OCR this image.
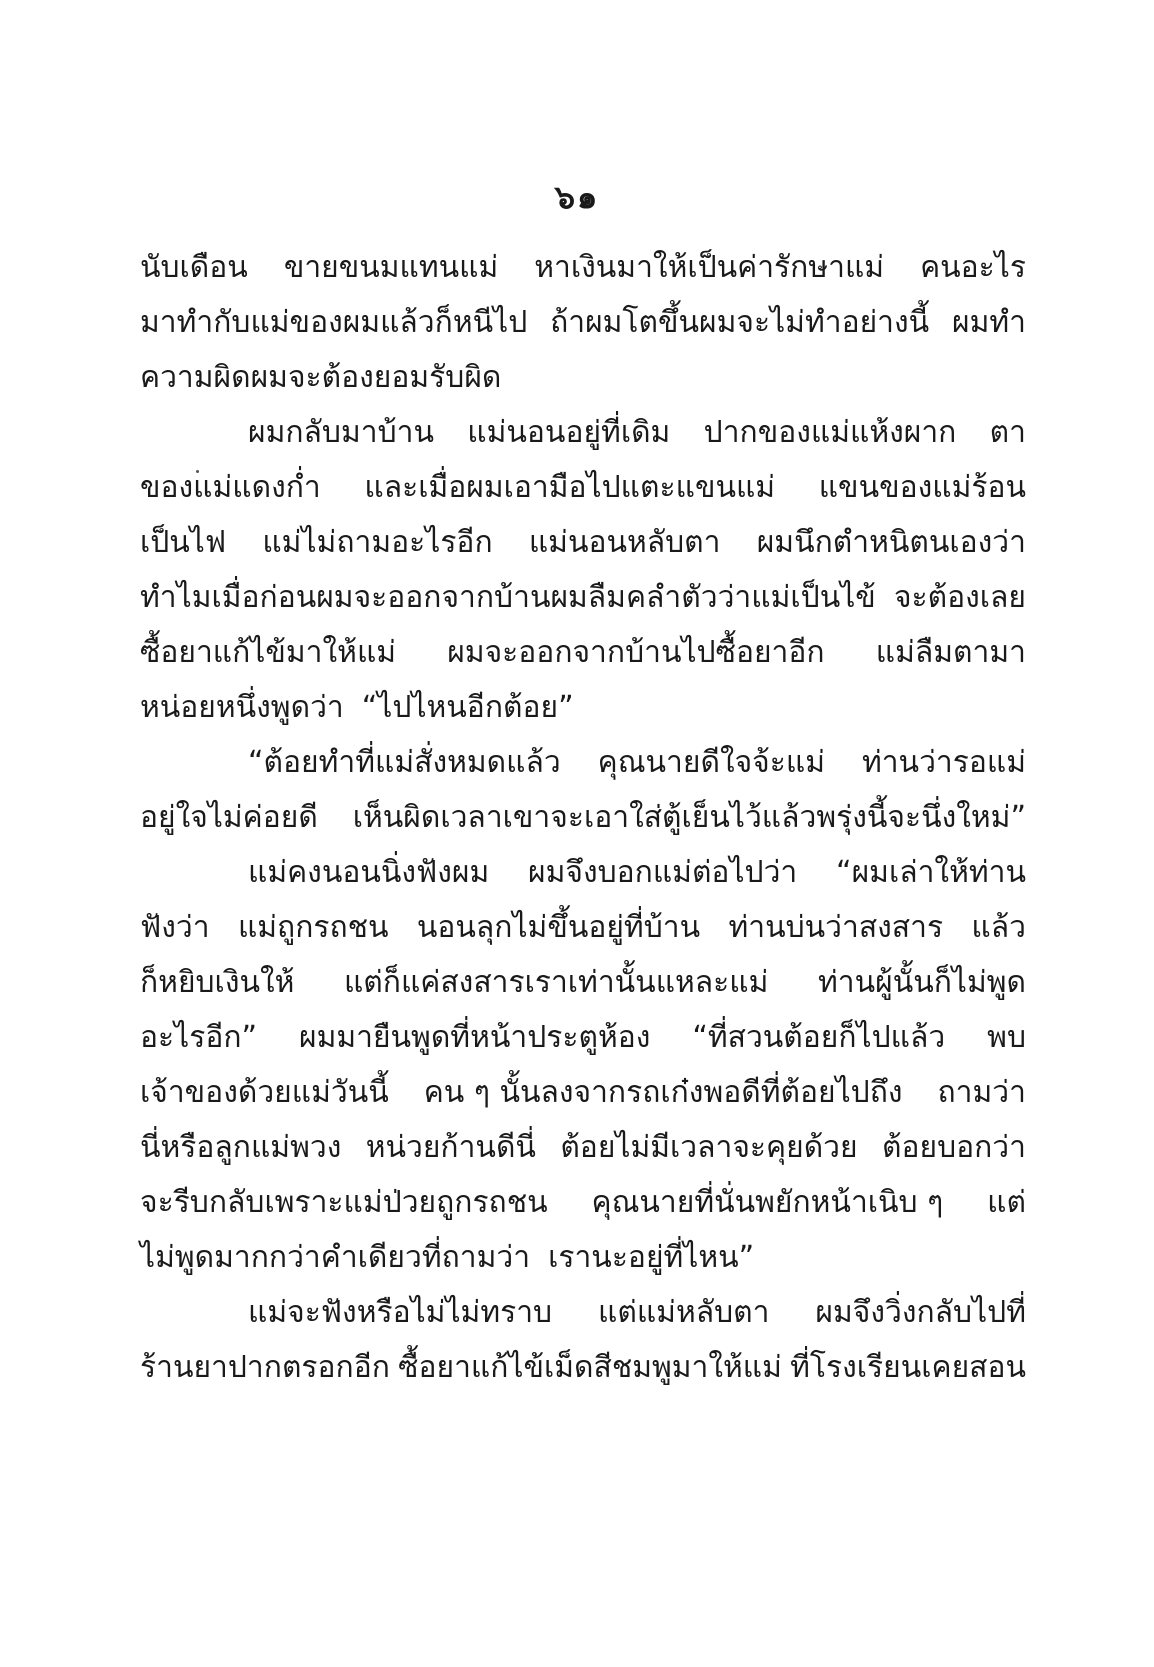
๖๑
นับเดือน ขายขนมแทนแม่ หาเงินมาให้เป็นค่ารักษาแม่ คนอะไร
มาทำกับแม่ของผมแล้วก็หนีไป ถ้าผมโตขึ้นผมจะไม่ทำอย่างนี้ ผมทำ
ความผิดผมจะต้องยอมรับผิด
ผมกลับมาบ้าน แม่นอนอยู่ที่เดิม ปากของแม่แห้งผาก ตา
ของแม่แดงก่ำ และเมื่อผมเอามือไปแตะแขนแม่ แขนของแม่ร้อน
เป็นไฟ แม่ไม่ถามอะไรอีก แม่นอนหลับตา ผมนึกตำหนิตนเองว่า
ทำไมเมื่อก่อนผมจะออกจากบ้านผมลืมคลำตัวว่าแม่เป็นไข้ จะต้องเลย
ซื้อยาแก้ไข้มาให้แม่ ผมจะออกจากบ้านไปซื้อยาอีก แม่ลืมตามา
หน่อยหนึ่งพูดว่า “ไปไหนอีกต้อย”
“ต้อยทำที่แม่สั่งหมดแล้ว คุณนายดีใจจ้ะแม่ ท่านว่ารอแม่
อยู่ใจไม่ค่อยดี เห็นผิดเวลาเขาจะเอาใส่ตู้เย็นไว้แล้วพรุ่งนี้จะนึ่งใหม่”
แม่คงนอนนิ่งฟังผม ผมจึงบอกแม่ต่อไปว่า “ผมเล่าให้ท่าน
ฟังว่า แม่ถูกรถชน นอนลุกไม่ขึ้นอยู่ที่บ้าน ท่านบ่นว่าสงสาร แล้ว
ก็หยิบเงินให้ แต่ก็แค่สงสารเราเท่านั้นแหละแม่ ท่านผู้นั้นก็ไม่พูด
อะไรอีก” ผมมายืนพูดที่หน้าประตูห้อง “ที่สวนต้อยก็ไปแล้ว พบ
เจ้าของด้วยแม่วันนี้ คน ๆ นั้นลงจากรถเก๋งพอดีที่ต้อยไปถึง ถามว่า
นี่หรือลูกแม่พวง หน่วยก้านดีนี่ ต้อยไม่มีเวลาจะคุยด้วย ต้อยบอกว่า
จะรีบกลับเพราะแม่ป่วยถูกรถชน คุณนายที่นั่นพยักหน้าเนิบ ๆ แต่
ไม่พูดมากกว่าคำเดียวที่ถามว่า เรานะอยู่ที่ไหน”
แม่จะฟังหรือไม่ไม่ทราบ แต่แม่หลับตา ผมจึงวิ่งกลับไปที่
ร้านยาปากตรอกอีก ซื้อยาแก้ไข้เม็ดสีชมพูมาให้แม่ ที่โรงเรียนเคยสอน
